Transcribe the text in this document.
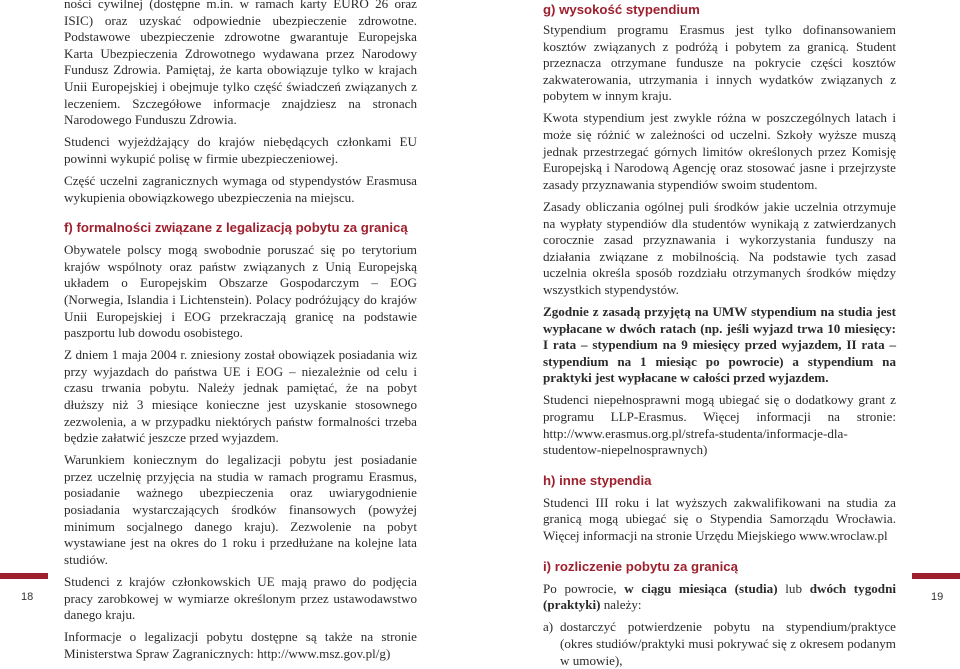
ności cywilnej (dostępne m.in. w ramach karty EURO 26 oraz ISIC) oraz uzyskać odpowiednie ubezpieczenie zdrowotne. Podstawowe ubezpieczenie zdrowotne gwarantuje Europejska Karta Ubezpieczenia Zdrowotnego wydawana przez Narodowy Fundusz Zdrowia. Pamiętaj, że karta obowiązuje tylko w krajach Unii Europejskiej i obejmuje tylko część świadczeń związanych z leczeniem. Szczegółowe informacje znajdziesz na stronach Narodowego Funduszu Zdrowia.

Studenci wyjeżdżający do krajów niebędących członkami EU powinni wykupić polisę w firmie ubezpieczeniowej.

Część uczelni zagranicznych wymaga od stypendystów Erasmusa wykupienia obowiązkowego ubezpieczenia na miejscu.

f) formalności związane z legalizacją pobytu za granicą

Obywatele polscy mogą swobodnie poruszać się po terytorium krajów wspólnoty oraz państw związanych z Unią Europejską układem o Europejskim Obszarze Gospodarczym – EOG (Norwegia, Islandia i Lichtenstein). Polacy podróżujący do krajów Unii Europejskiej i EOG przekraczają granicę na podstawie paszportu lub dowodu osobistego.

Z dniem 1 maja 2004 r. zniesiony został obowiązek posiadania wiz przy wyjazdach do państwa UE i EOG – niezależnie od celu i czasu trwania pobytu. Należy jednak pamiętać, że na pobyt dłuższy niż 3 miesiące konieczne jest uzyskanie stosownego zezwolenia, a w przypadku niektórych państw formalności trzeba będzie załatwić jeszcze przed wyjazdem.

Warunkiem koniecznym do legalizacji pobytu jest posiadanie przez uczelnię przyjęcia na studia w ramach programu Erasmus, posiadanie ważnego ubezpieczenia oraz uwiarygodnienie posiadania wystarczających środków finansowych (powyżej minimum socjalnego danego kraju). Zezwolenie na pobyt wystawiane jest na okres do 1 roku i przedłużane na kolejne lata studiów.

Studenci z krajów członkowskich UE mają prawo do podjęcia pracy zarobkowej w wymiarze określonym przez ustawodawstwo danego kraju.

Informacje o legalizacji pobytu dostępne są także na stronie Ministerstwa Spraw Zagranicznych: http://www.msz.gov.pl/g)

g) wysokość stypendium

Stypendium programu Erasmus jest tylko dofinansowaniem kosztów związanych z podróżą i pobytem za granicą. Student przeznacza otrzymane fundusze na pokrycie części kosztów zakwaterowania, utrzymania i innych wydatków związanych z pobytem w innym kraju.

Kwota stypendium jest zwykle różna w poszczególnych latach i może się różnić w zależności od uczelni. Szkoły wyższe muszą jednak przestrzegać górnych limitów określonych przez Komisję Europejską i Narodową Agencję oraz stosować jasne i przejrzyste zasady przyznawania stypendiów swoim studentom.

Zasady obliczania ogólnej puli środków jakie uczelnia otrzymuje na wypłaty stypendiów dla studentów wynikają z zatwierdzanych corocznie zasad przyznawania i wykorzystania funduszy na działania związane z mobilnością. Na podstawie tych zasad uczelnia określa sposób rozdziału otrzymanych środków między wszystkich stypendystów.

Zgodnie z zasadą przyjętą na UMW stypendium na studia jest wypłacane w dwóch ratach (np. jeśli wyjazd trwa 10 miesięcy: I rata – stypendium na 9 miesięcy przed wyjazdem, II rata – stypendium na 1 miesiąc po powrocie) a stypendium na praktyki jest wypłacane w całości przed wyjazdem.

Studenci niepełnosprawni mogą ubiegać się o dodatkowy grant z programu LLP-Erasmus. Więcej informacji na stronie: http://www.erasmus.org.pl/strefa-studenta/informacje-dla-studentow-niepelnosprawnych)

h) inne stypendia

Studenci III roku i lat wyższych zakwalifikowani na studia za granicą mogą ubiegać się o Stypendia Samorządu Wrocławia. Więcej informacji na stronie Urzędu Miejskiego www.wroclaw.pl

i) rozliczenie pobytu za granicą

Po powrocie, w ciągu miesiąca (studia) lub dwóch tygodni (praktyki) należy:

a) dostarczyć potwierdzenie pobytu na stypendium/praktyce (okres studiów/praktyki musi pokrywać się z okresem podanym w umowie),
18	19
